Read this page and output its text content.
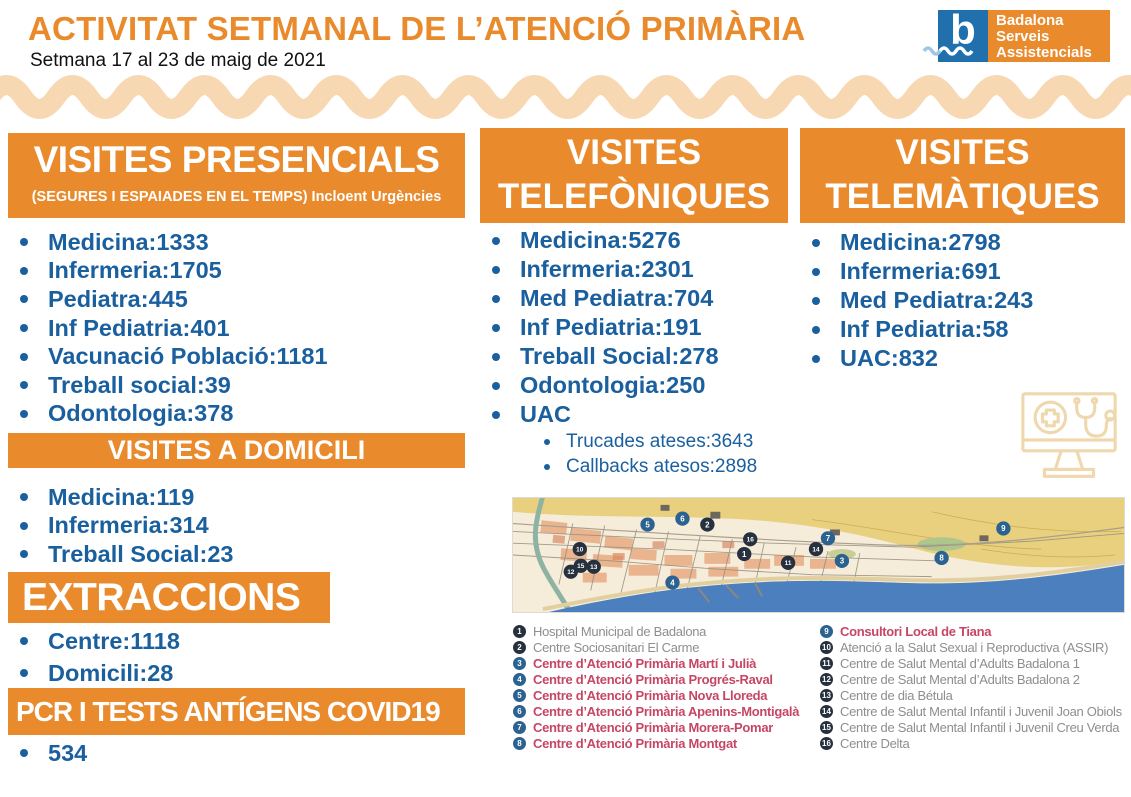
ACTIVITAT SETMANAL DE L’ATENCIÓ PRIMÀRIA
Setmana 17 al 23 de maig de 2021
b	Badalona
Serveis
Assistencials
VISITES PRESENCIALS
(SEGURES I ESPAIADES EN EL TEMPS) Incloent Urgències
Medicina:1333
Infermeria:1705
Pediatra:445
Inf Pediatria:401
Vacunació Població:1181
Treball social:39
Odontologia:378
VISITES A DOMICILI
Medicina:119
Infermeria:314
Treball Social:23
EXTRACCIONS
Centre:1118
Domicili:28
PCR I TESTS ANTÍGENS COVID19
534
VISITES
TELEFÒNIQUES
Medicina:5276
Infermeria:2301
Med Pediatra:704
Inf Pediatria:191
Treball Social:278
Odontologia:250
UAC
Trucades ateses:3643
Callbacks atesos:2898
VISITES
TELEMÀTIQUES
Medicina:2798
Infermeria:691
Med Pediatra:243
Inf Pediatria:58
UAC:832
1
2
3
4
5
6
7
8
9
10
11
12
13
14
15
16
1 Hospital Municipal de Badalona
2 Centre Sociosanitari El Carme
3 Centre d’Atenció Primària Martí i Julià
4 Centre d’Atenció Primària Progrés-Raval
5 Centre d’Atenció Primària Nova Lloreda
6 Centre d’Atenció Primària Apenins-Montigalà
7 Centre d’Atenció Primària Morera-Pomar
8 Centre d’Atenció Primària Montgat
9 Consultori Local de Tiana
10 Atenció a la Salut Sexual i Reproductiva (ASSIR)
11 Centre de Salut Mental d’Adults Badalona 1
12 Centre de Salut Mental d’Adults Badalona 2
13 Centre de dia Bétula
14 Centre de Salut Mental Infantil i Juvenil Joan Obiols
15 Centre de Salut Mental Infantil i Juvenil Creu Verda
16 Centre Delta
